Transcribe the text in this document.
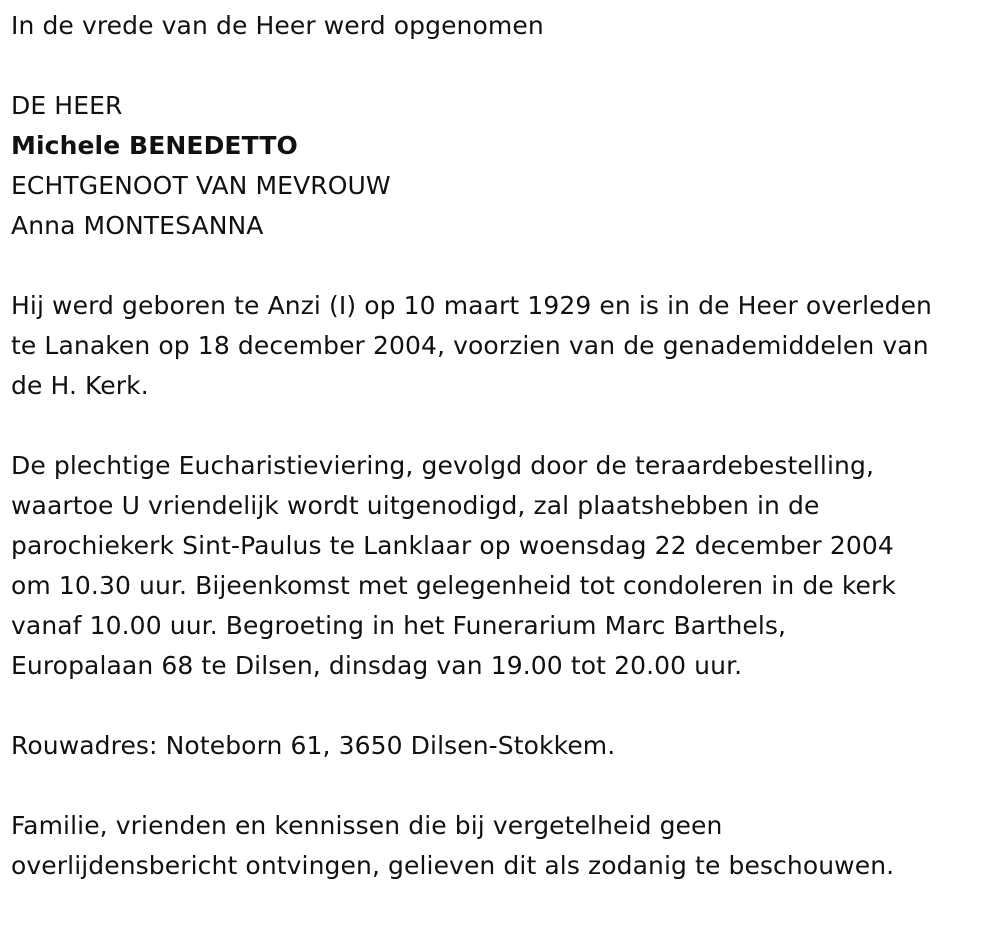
In de vrede van de Heer werd opgenomen

DE HEER

Michele BENEDETTO

ECHTGENOOT VAN MEVROUW

Anna MONTESANNA

Hij werd geboren te Anzi (I) op 10 maart 1929 en is in de Heer overleden

te Lanaken op 18 december 2004, voorzien van de genademiddelen van

de H. Kerk.

De plechtige Eucharistieviering, gevolgd door de teraardebestelling,

waartoe U vriendelijk wordt uitgenodigd, zal plaatshebben in de

parochiekerk Sint-Paulus te Lanklaar op woensdag 22 december 2004

om 10.30 uur. Bijeenkomst met gelegenheid tot condoleren in de kerk

vanaf 10.00 uur. Begroeting in het Funerarium Marc Barthels,

Europalaan 68 te Dilsen, dinsdag van 19.00 tot 20.00 uur.

Rouwadres: Noteborn 61, 3650 Dilsen-Stokkem.

Familie, vrienden en kennissen die bij vergetelheid geen

overlijdensbericht ontvingen, gelieven dit als zodanig te beschouwen.
